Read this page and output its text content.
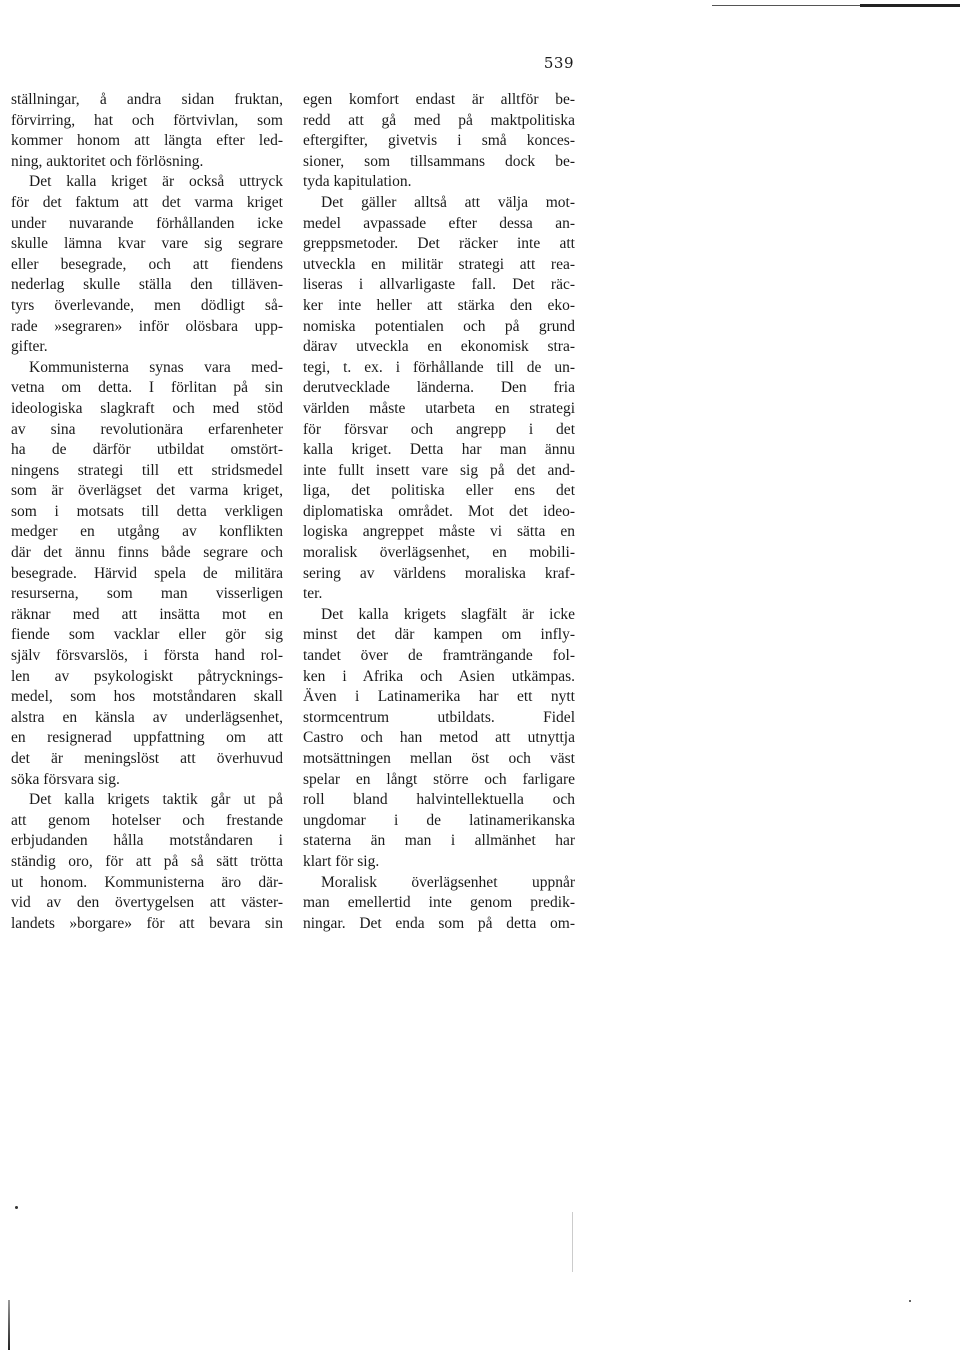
539
ställningar, å andra sidan fruktan,
förvirring, hat och förtvivlan, som
kommer honom att längta efter led-
ning, auktoritet och förlösning.
Det kalla kriget är också uttryck
för det faktum att det varma kriget
under nuvarande förhållanden icke
skulle lämna kvar vare sig segrare
eller besegrade, och att fiendens
nederlag skulle ställa den tilläven-
tyrs överlevande, men dödligt så-
rade »segraren» inför olösbara upp-
gifter.
Kommunisterna synas vara med-
vetna om detta. I förlitan på sin
ideologiska slagkraft och med stöd
av sina revolutionära erfarenheter
ha de därför utbildat omstört-
ningens strategi till ett stridsmedel
som är överlägset det varma kriget,
som i motsats till detta verkligen
medger en utgång av konflikten
där det ännu finns både segrare och
besegrade. Härvid spela de militära
resurserna, som man visserligen
räknar med att insätta mot en
fiende som vacklar eller gör sig
själv försvarslös, i första hand rol-
len av psykologiskt påtrycknings-
medel, som hos motståndaren skall
alstra en känsla av underlägsenhet,
en resignerad uppfattning om att
det är meningslöst att överhuvud
söka försvara sig.
Det kalla krigets taktik går ut på
att genom hotelser och frestande
erbjudanden hålla motståndaren i
ständig oro, för att på så sätt trötta
ut honom. Kommunisterna äro där-
vid av den övertygelsen att väster-
landets »borgare» för att bevara sin
egen komfort endast är alltför be-
redd att gå med på maktpolitiska
eftergifter, givetvis i små konces-
sioner, som tillsammans dock be-
tyda kapitulation.
Det gäller alltså att välja mot-
medel avpassade efter dessa an-
greppsmetoder. Det räcker inte att
utveckla en militär strategi att rea-
liseras i allvarligaste fall. Det räc-
ker inte heller att stärka den eko-
nomiska potentialen och på grund
därav utveckla en ekonomisk stra-
tegi, t. ex. i förhållande till de un-
derutvecklade länderna. Den fria
världen måste utarbeta en strategi
för försvar och angrepp i det
kalla kriget. Detta har man ännu
inte fullt insett vare sig på det and-
liga, det politiska eller ens det
diplomatiska området. Mot det ideo-
logiska angreppet måste vi sätta en
moralisk överlägsenhet, en mobili-
sering av världens moraliska kraf-
ter.
Det kalla krigets slagfält är icke
minst det där kampen om infly-
tandet över de framträngande fol-
ken i Afrika och Asien utkämpas.
Även i Latinamerika har ett nytt
stormcentrum utbildats. Fidel
Castro och han metod att utnyttja
motsättningen mellan öst och väst
spelar en långt större och farligare
roll bland halvintellektuella och
ungdomar i de latinamerikanska
staterna än man i allmänhet har
klart för sig.
Moralisk överlägsenhet uppnår
man emellertid inte genom predik-
ningar. Det enda som på detta om-
